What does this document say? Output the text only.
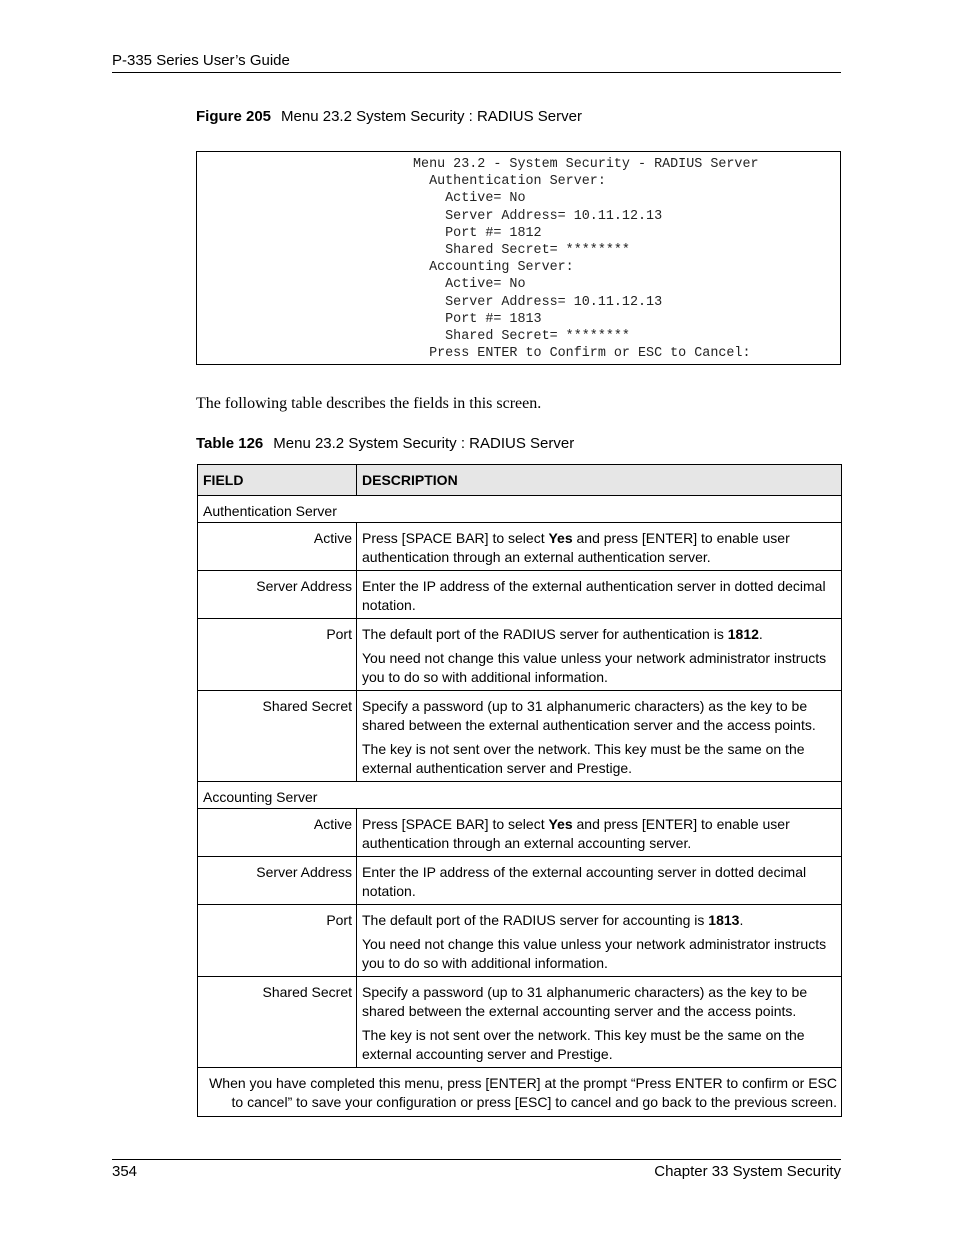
P-335 Series User’s Guide
Figure 205 Menu 23.2 System Security : RADIUS Server
Menu 23.2 - System Security - RADIUS Server
Authentication Server:
Active= No
Server Address= 10.11.12.13
Port #= 1812
Shared Secret= ********
Accounting Server:
Active= No
Server Address= 10.11.12.13
Port #= 1813
Shared Secret= ********
Press ENTER to Confirm or ESC to Cancel:
The following table describes the fields in this screen.
Table 126 Menu 23.2 System Security : RADIUS Server
FIELD	DESCRIPTION
Authentication Server	
Active	Press [SPACE BAR] to select Yes and press [ENTER] to enable user authentication through an external authentication server.

Server Address	Enter the IP address of the external authentication server in dotted decimal notation.

Port	The default port of the RADIUS server for authentication is 1812.

You need not change this value unless your network administrator instructs you to do so with additional information.

Shared Secret	Specify a password (up to 31 alphanumeric characters) as the key to be shared between the external authentication server and the access points.

The key is not sent over the network. This key must be the same on the external authentication server and Prestige.

Accounting Server	
Active	Press [SPACE BAR] to select Yes and press [ENTER] to enable user authentication through an external accounting server.

Server Address	Enter the IP address of the external accounting server in dotted decimal notation.

Port	The default port of the RADIUS server for accounting is 1813.

You need not change this value unless your network administrator instructs you to do so with additional information.

Shared Secret	Specify a password (up to 31 alphanumeric characters) as the key to be shared between the external accounting server and the access points.

The key is not sent over the network. This key must be the same on the external accounting server and Prestige.

When you have completed this menu, press [ENTER] at the prompt “Press ENTER to confirm or ESC to cancel” to save your configuration or press [ESC] to cancel and go back to the previous screen.	
354	Chapter 33 System Security
